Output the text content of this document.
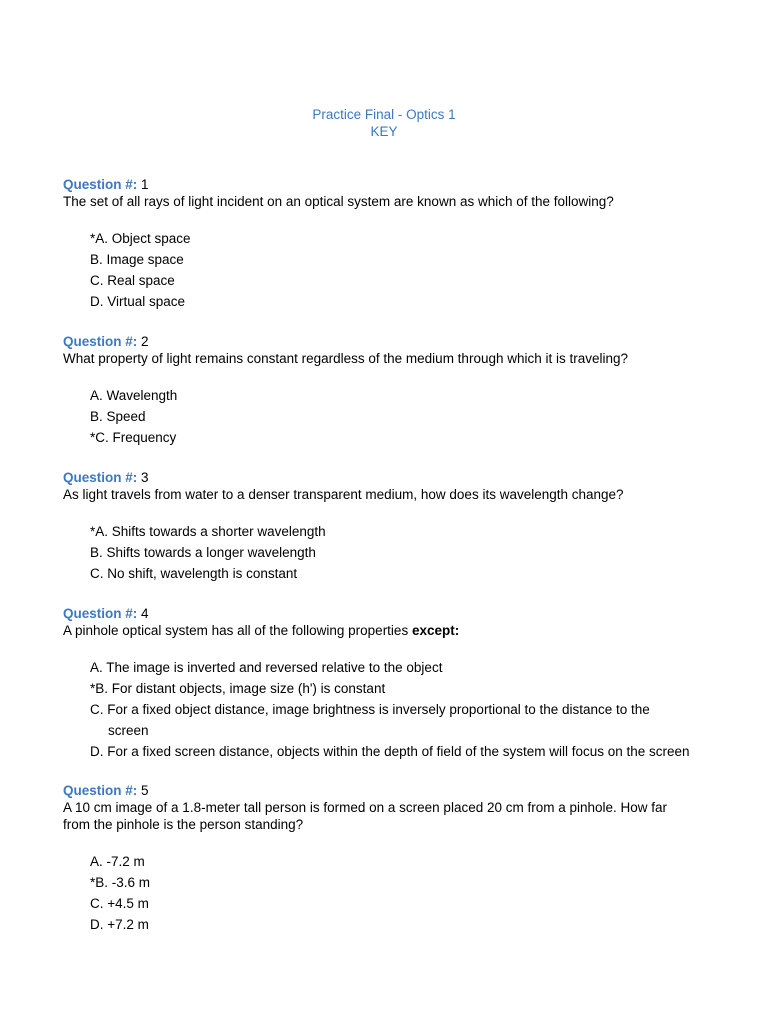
Practice Final - Optics 1
KEY
Question #: 1
The set of all rays of light incident on an optical system are known as which of the following?
*A. Object space
B. Image space
C. Real space
D. Virtual space
Question #: 2
What property of light remains constant regardless of the medium through which it is traveling?
A. Wavelength
B. Speed
*C. Frequency
Question #: 3
As light travels from water to a denser transparent medium, how does its wavelength change?
*A. Shifts towards a shorter wavelength
B. Shifts towards a longer wavelength
C. No shift, wavelength is constant
Question #: 4
A pinhole optical system has all of the following properties except:
A. The image is inverted and reversed relative to the object
*B. For distant objects, image size (h') is constant
C. For a fixed object distance, image brightness is inversely proportional to the distance to the
screen
D. For a fixed screen distance, objects within the depth of field of the system will focus on the screen
Question #: 5
A 10 cm image of a 1.8-meter tall person is formed on a screen placed 20 cm from a pinhole. How far
from the pinhole is the person standing?
A. -7.2 m
*B. -3.6 m
C. +4.5 m
D. +7.2 m
